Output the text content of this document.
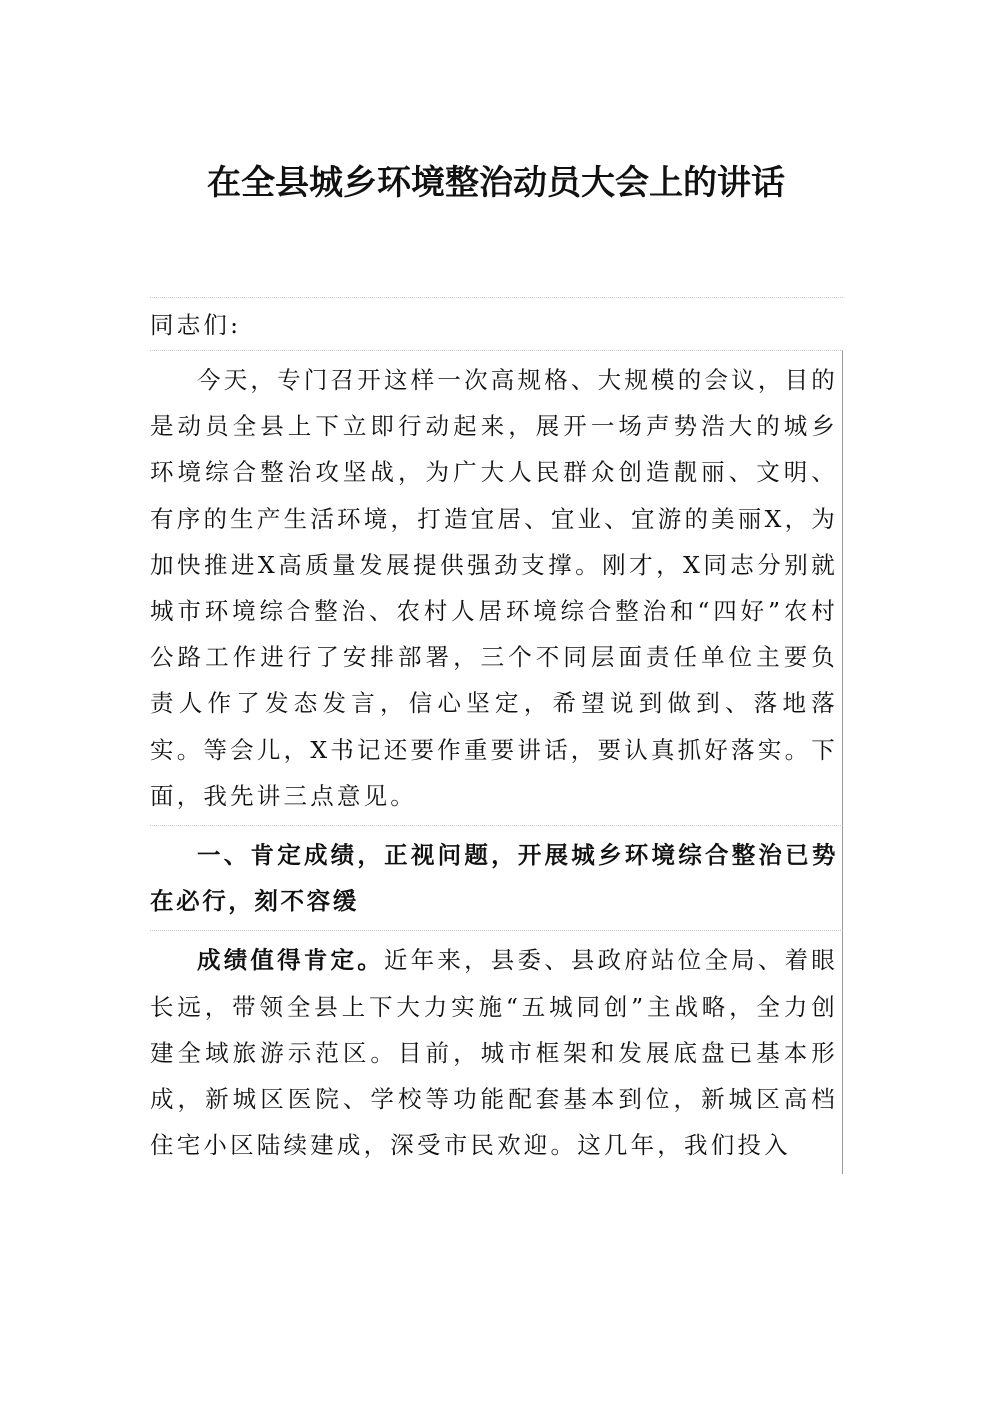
在全县城乡环境整治动员大会上的讲话

同志们:

今天，专门召开这样一次高规格、大规模的会议，目的是动员全县上下立即行动起来，展开一场声势浩大的城乡环境综合整治攻坚战，为广大人民群众创造靓丽、文明、有序的生产生活环境，打造宜居、宜业、宜游的美丽X，为加快推进X高质量发展提供强劲支撑。刚才，X同志分别就城市环境综合整治、农村人居环境综合整治和“四好”农村公路工作进行了安排部署，三个不同层面责任单位主要负责人作了发态发言，信心坚定，希望说到做到、落地落实。等会儿，X书记还要作重要讲话，要认真抓好落实。下面，我先讲三点意见。

一、肯定成绩，正视问题，开展城乡环境综合整治已势在必行，刻不容缓

成绩值得肯定。近年来，县委、县政府站位全局、着眼长远，带领全县上下大力实施“五城同创”主战略，全力创建全域旅游示范区。目前，城市框架和发展底盘已基本形成，新城区医院、学校等功能配套基本到位，新城区高档住宅小区陆续建成，深受市民欢迎。这几年，我们投入
